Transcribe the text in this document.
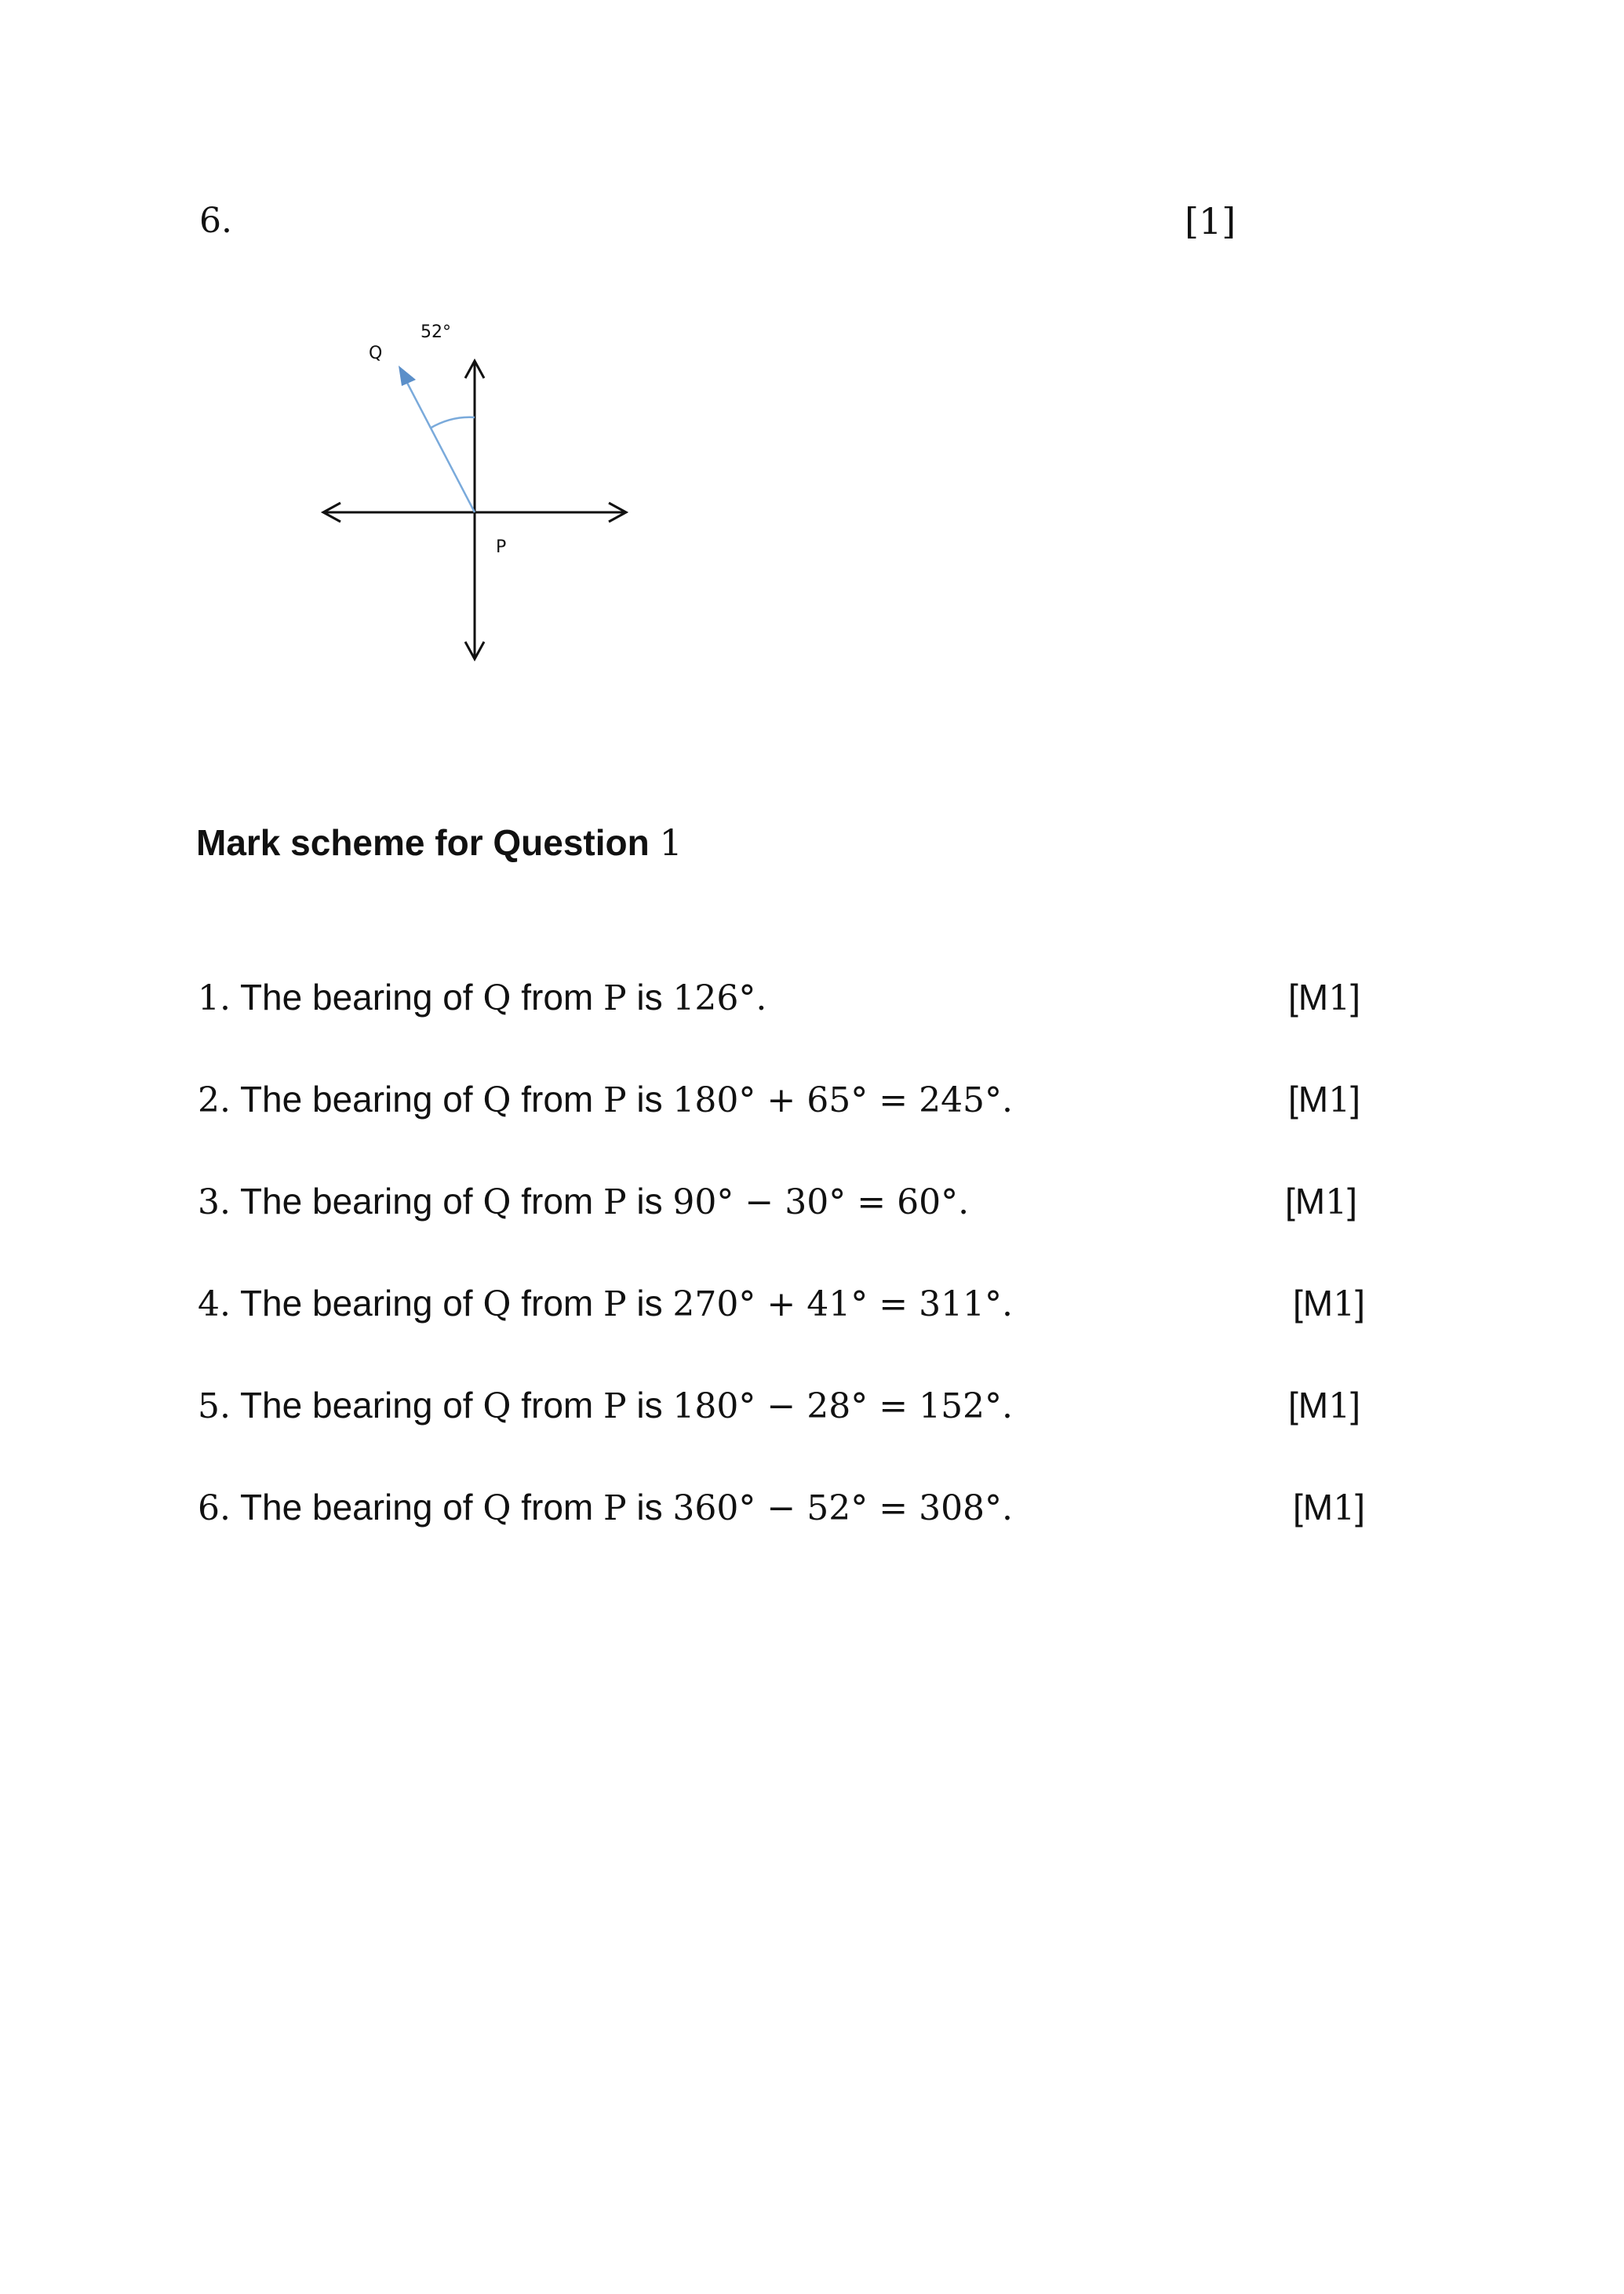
6.	[1]
Q
52°
P
Mark scheme for Question 1
1. The bearing of Q from P is 126°.	[M1]
2. The bearing of Q from P is 180° + 65° = 245°.	[M1]
3. The bearing of Q from P is 90° − 30° = 60°.	[M1]
4. The bearing of Q from P is 270° + 41° = 311°.	[M1]
5. The bearing of Q from P is 180° − 28° = 152°.	[M1]
6. The bearing of Q from P is 360° − 52° = 308°.	[M1]
